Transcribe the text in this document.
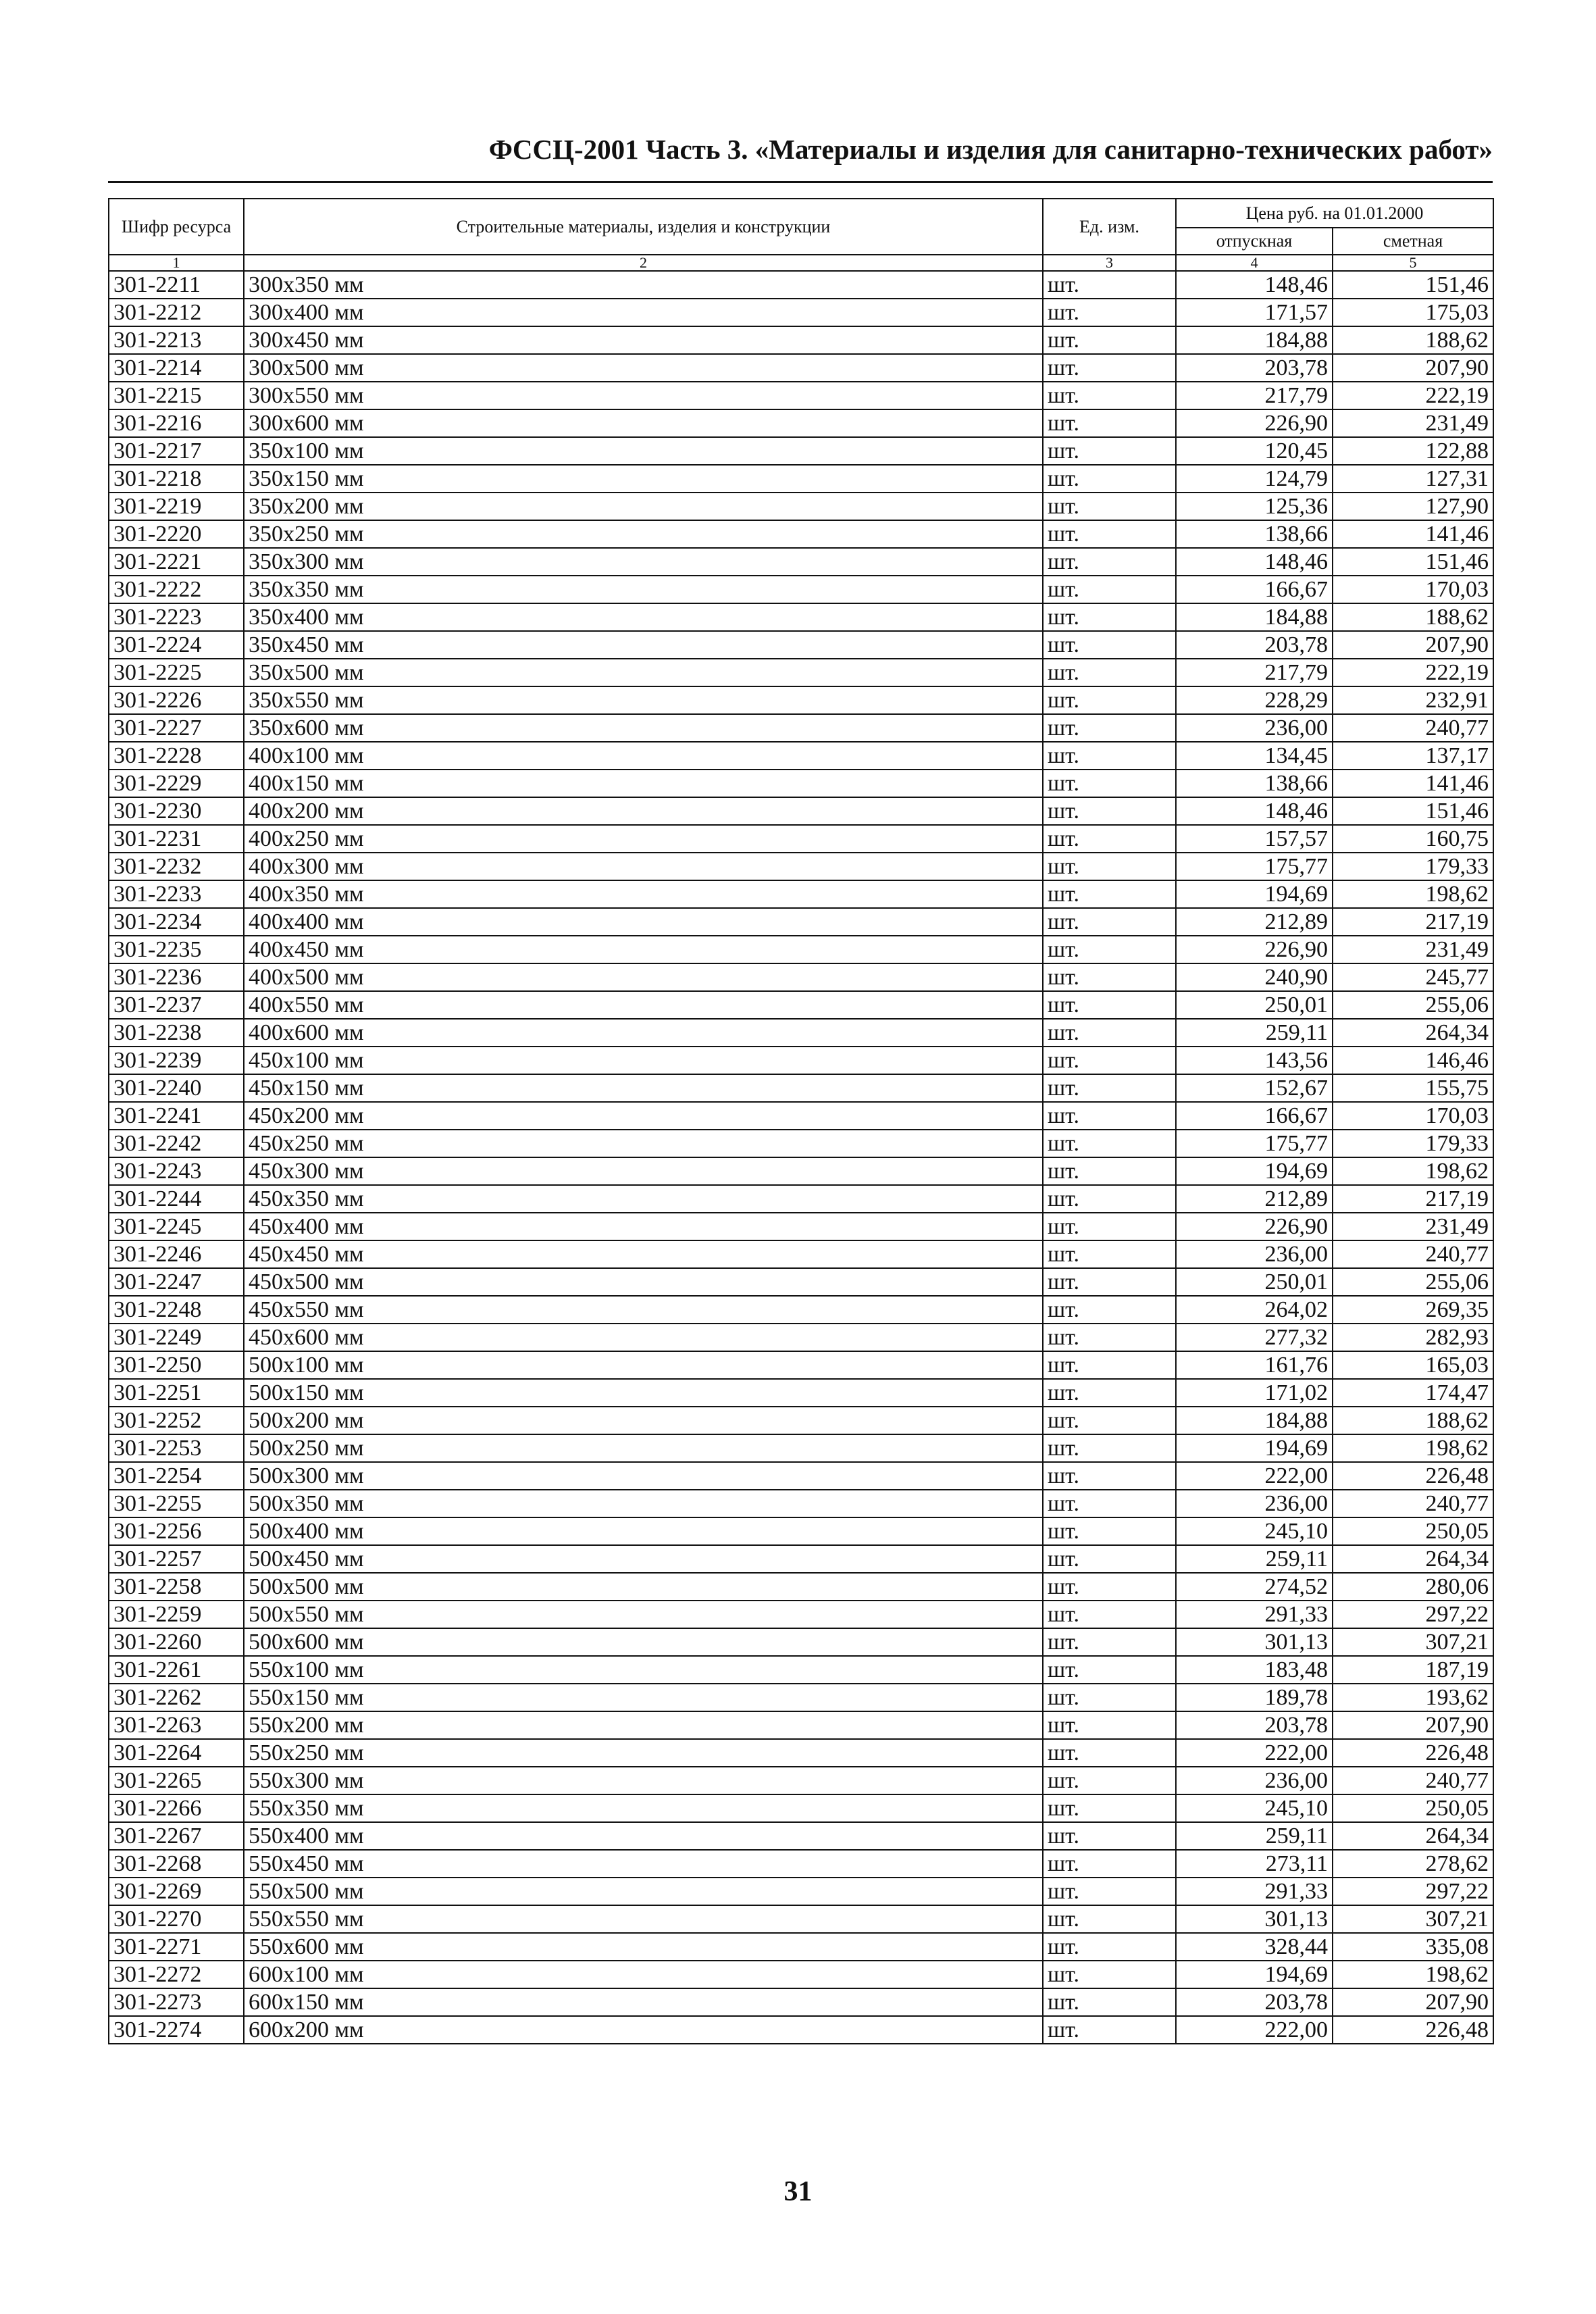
ФССЦ-2001 Часть 3. «Материалы и изделия для санитарно-технических работ»
Шифр ресурса	Строительные материалы, изделия и конструкции	Ед. изм.	Цена руб. на 01.01.2000	
			отпускная	сметная
1	2	3	4	5
301-2211	300x350 мм	шт.	148,46	151,46
301-2212	300x400 мм	шт.	171,57	175,03
301-2213	300x450 мм	шт.	184,88	188,62
301-2214	300x500 мм	шт.	203,78	207,90
301-2215	300x550 мм	шт.	217,79	222,19
301-2216	300x600 мм	шт.	226,90	231,49
301-2217	350x100 мм	шт.	120,45	122,88
301-2218	350x150 мм	шт.	124,79	127,31
301-2219	350x200 мм	шт.	125,36	127,90
301-2220	350x250 мм	шт.	138,66	141,46
301-2221	350x300 мм	шт.	148,46	151,46
301-2222	350x350 мм	шт.	166,67	170,03
301-2223	350x400 мм	шт.	184,88	188,62
301-2224	350x450 мм	шт.	203,78	207,90
301-2225	350x500 мм	шт.	217,79	222,19
301-2226	350x550 мм	шт.	228,29	232,91
301-2227	350x600 мм	шт.	236,00	240,77
301-2228	400x100 мм	шт.	134,45	137,17
301-2229	400x150 мм	шт.	138,66	141,46
301-2230	400x200 мм	шт.	148,46	151,46
301-2231	400x250 мм	шт.	157,57	160,75
301-2232	400x300 мм	шт.	175,77	179,33
301-2233	400x350 мм	шт.	194,69	198,62
301-2234	400x400 мм	шт.	212,89	217,19
301-2235	400x450 мм	шт.	226,90	231,49
301-2236	400x500 мм	шт.	240,90	245,77
301-2237	400x550 мм	шт.	250,01	255,06
301-2238	400x600 мм	шт.	259,11	264,34
301-2239	450x100 мм	шт.	143,56	146,46
301-2240	450x150 мм	шт.	152,67	155,75
301-2241	450x200 мм	шт.	166,67	170,03
301-2242	450x250 мм	шт.	175,77	179,33
301-2243	450x300 мм	шт.	194,69	198,62
301-2244	450x350 мм	шт.	212,89	217,19
301-2245	450x400 мм	шт.	226,90	231,49
301-2246	450x450 мм	шт.	236,00	240,77
301-2247	450x500 мм	шт.	250,01	255,06
301-2248	450x550 мм	шт.	264,02	269,35
301-2249	450x600 мм	шт.	277,32	282,93
301-2250	500x100 мм	шт.	161,76	165,03
301-2251	500x150 мм	шт.	171,02	174,47
301-2252	500x200 мм	шт.	184,88	188,62
301-2253	500x250 мм	шт.	194,69	198,62
301-2254	500x300 мм	шт.	222,00	226,48
301-2255	500x350 мм	шт.	236,00	240,77
301-2256	500x400 мм	шт.	245,10	250,05
301-2257	500x450 мм	шт.	259,11	264,34
301-2258	500x500 мм	шт.	274,52	280,06
301-2259	500x550 мм	шт.	291,33	297,22
301-2260	500x600 мм	шт.	301,13	307,21
301-2261	550x100 мм	шт.	183,48	187,19
301-2262	550x150 мм	шт.	189,78	193,62
301-2263	550x200 мм	шт.	203,78	207,90
301-2264	550x250 мм	шт.	222,00	226,48
301-2265	550x300 мм	шт.	236,00	240,77
301-2266	550x350 мм	шт.	245,10	250,05
301-2267	550x400 мм	шт.	259,11	264,34
301-2268	550x450 мм	шт.	273,11	278,62
301-2269	550x500 мм	шт.	291,33	297,22
301-2270	550x550 мм	шт.	301,13	307,21
301-2271	550x600 мм	шт.	328,44	335,08
301-2272	600x100 мм	шт.	194,69	198,62
301-2273	600x150 мм	шт.	203,78	207,90
301-2274	600x200 мм	шт.	222,00	226,48
31
